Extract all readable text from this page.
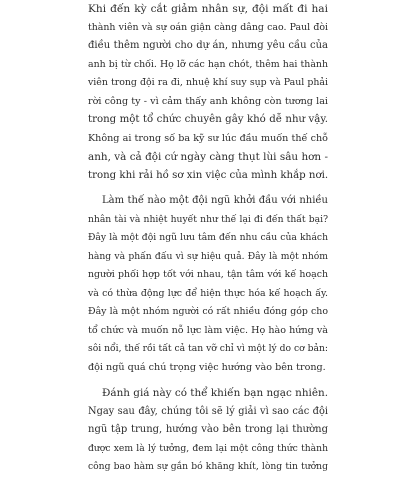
Khi đến kỳ cắt giảm nhân sự, đội mất đi hai
thành viên và sự oán giận càng dâng cao. Paul đòi
điều thêm người cho dự án, nhưng yêu cầu của
anh bị từ chối. Họ lỡ các hạn chót, thêm hai thành
viên trong đội ra đi, nhuệ khí suy sụp và Paul phải
rời công ty - vì cảm thấy anh không còn tương lai
trong một tổ chức chuyên gây khó dễ như vậy.
Không ai trong số ba kỹ sư lúc đầu muốn thế chỗ
anh, và cả đội cứ ngày càng thụt lùi sâu hơn -
trong khi rải hồ sơ xin việc của mình khắp nơi.

Làm thế nào một đội ngũ khởi đầu với nhiều
nhân tài và nhiệt huyết như thế lại đi đến thất bại?
Đây là một đội ngũ lưu tâm đến nhu cầu của khách
hàng và phấn đấu vì sự hiệu quả. Đây là một nhóm
người phối hợp tốt với nhau, tận tâm với kế hoạch
và có thừa động lực để hiện thực hóa kế hoạch ấy.
Đây là một nhóm người có rất nhiều đóng góp cho
tổ chức và muốn nỗ lực làm việc. Họ hào hứng và
sôi nổi, thế rồi tất cả tan vỡ chỉ vì một lý do cơ bản:
đội ngũ quá chú trọng việc hướng vào bên trong.

Đánh giá này có thể khiến bạn ngạc nhiên.
Ngay sau đây, chúng tôi sẽ lý giải vì sao các đội
ngũ tập trung, hướng vào bên trong lại thường
được xem là lý tưởng, đem lại một công thức thành
công bao hàm sự gắn bó khăng khít, lòng tin tưởng
